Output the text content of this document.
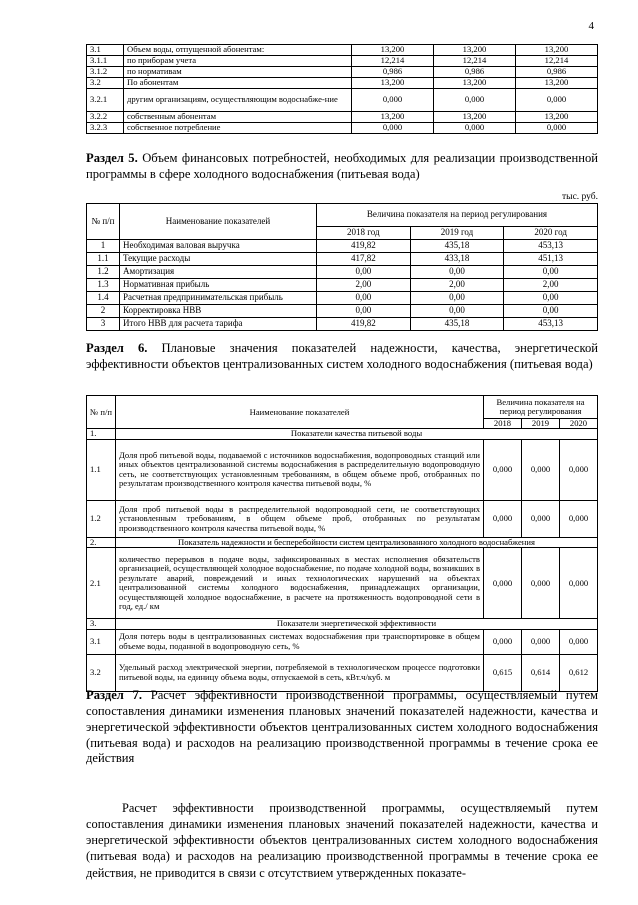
4
3.1	Объем воды, отпущенной абонентам:	13,200	13,200	13,200
3.1.1	по приборам учета	12,214	12,214	12,214
3.1.2	по нормативам	0,986	0,986	0,986
3.2	По абонентам	13,200	13,200	13,200
3.2.1	другим организациям, осуществляющим водоснабже-ние	0,000	0,000	0,000
3.2.2	собственным абонентам	13,200	13,200	13,200
3.2.3	собственное потребление	0,000	0,000	0,000
Раздел 5. Объем финансовых потребностей, необходимых для реализации производственной программы в сфере холодного водоснабжения (питьевая вода)
тыс. руб.
№ п/п	Наименование показателей	Величина показателя на период регулирования		
		2018 год	2019 год	2020 год
1	Необходимая валовая выручка	419,82	435,18	453,13
1.1	Текущие расходы	417,82	433,18	451,13
1.2	Амортизация	0,00	0,00	0,00
1.3	Нормативная прибыль	2,00	2,00	2,00
1.4	Расчетная предпринимательская прибыль	0,00	0,00	0,00
2	Корректировка НВВ	0,00	0,00	0,00
3	Итого НВВ для расчета тарифа	419,82	435,18	453,13
Раздел 6. Плановые значения показателей надежности, качества, энергетической эффективности объектов централизованных систем холодного водоснабжения (питьевая вода)
№ п/п	Наименование показателей	Величина показателя на период регулирования		
		2018	2019	2020
1.	Показатели качества питьевой воды			
1.1	Доля проб питьевой воды, подаваемой с источников водоснабжения, водопроводных станций или иных объектов централизованной системы водоснабжения в распределительную водопроводную сеть, не соответствующих установленным требованиям, в общем объеме проб, отобранных по результатам производственного контроля качества питьевой воды, %	0,000	0,000	0,000
1.2	Доля проб питьевой воды в распределительной водопроводной сети, не соответствующих установленным требованиям, в общем объеме проб, отобранных по результатам производственного контроля качества питьевой воды, %	0,000	0,000	0,000
2.	Показатель надежности и бесперебойности систем централизованного холодного водоснабжения			
2.1	количество перерывов в подаче воды, зафиксированных в местах исполнения обязательств организацией, осуществляющей холодное водоснабжение, по подаче холодной воды, возникших в результате аварий, повреждений и иных технологических нарушений на объектах централизованной системы холодного водоснабжения, принадлежащих организации, осуществляющей холодное водоснабжение, в расчете на протяженность водопроводной сети в год, ед./ км	0,000	0,000	0,000
3.	Показатели энергетической эффективности			
3.1	Доля потерь воды в централизованных системах водоснабжения при транспортировке в общем объеме воды, поданной в водопроводную сеть, %	0,000	0,000	0,000
3.2	Удельный расход электрической энергии, потребляемой в технологическом процессе подготовки питьевой воды, на единицу объема воды, отпускаемой в сеть, кВт.ч/куб. м	0,615	0,614	0,612
Раздел 7. Расчет эффективности производственной программы, осуществляемый путем сопоставления динамики изменения плановых значений показателей надежности, качества и энергетической эффективности объектов централизованных систем холодного водоснабжения (питьевая вода) и расходов на реализацию производственной программы в течение срока ее действия
Расчет эффективности производственной программы, осуществляемый путем сопоставления динамики изменения плановых значений показателей надежности, качества и энергетической эффективности объектов централизованных систем холодного водоснабжения (питьевая вода) и расходов на реализацию производственной программы в течение срока ее действия, не приводится в связи с отсутствием утвержденных показате-
